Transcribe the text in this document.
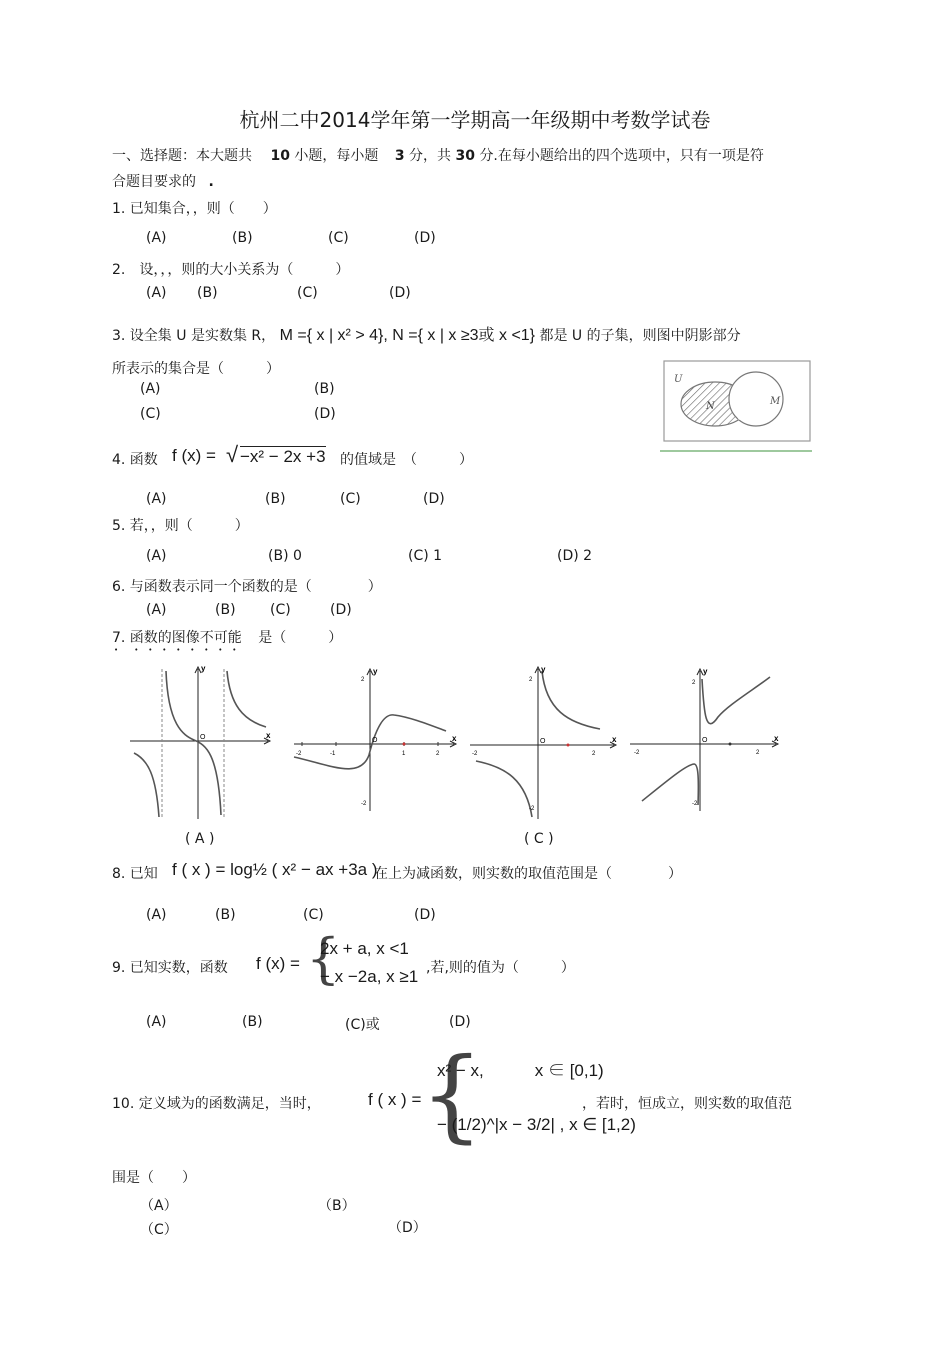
杭州二中2014学年第一学期高一年级期中考数学试卷
一、选择题：本大题共 10 小题，每小题 3 分，共 30 分.在每小题给出的四个选项中，只有一项是符
合题目要求的 .
1. 已知集合，，则（　　）
(A)	(B)	(C)	(D)
2.　设，，，则的大小关系为（　　　）
(A) (B)	(C)	(D)
3. 设全集 U 是实数集 R， M ={ x | x² > 4}, N ={ x | x ≥3或 x <1} 都是 U 的子集，则图中阴影部分
所表示的集合是（　　　）
(A)	(B)
(C)	(D)
U
N	M
4. 函数 f (x) = √ −x² − 2x +3 的值域是　（　　　）
(A)	(B)	(C)	(D)
5. 若，，则（　　　）
(A)	(B) 0	(C) 1	(D) 2
6. 与函数表示同一个函数的是（　　　　）
(A)	(B) (C)	(D)
7. 函数的图像不可能 是（　　　）
x
y
O
-2	-1	1	2
2
-2
x
y
O
-2	2
2
-2
x
y
O
-2	2
2
-2
x
y
O
( A )	( C )
8. 已知 f ( x ) = log½ ( x² − ax +3a )
在上为减函数，则实数的取值范围是（　　　　）
(A)	(B)	(C)	(D)
9. 已知实数，函数 f (x) = {
2x + a, x <1
− x −2a, x ≥1 ,若,则的值为（　　　）
(A)	(B)	(C)或	(D)
10. 定义域为的函数满足，当时，	f ( x ) =
{
x² − x,　　　x ∈ [0,1)
− (1/2)^|x − 3/2| , x ∈ [1,2)
，若时，恒成立，则实数的取值范
围是（　　）
（A）	（B）
（C）	（D）
